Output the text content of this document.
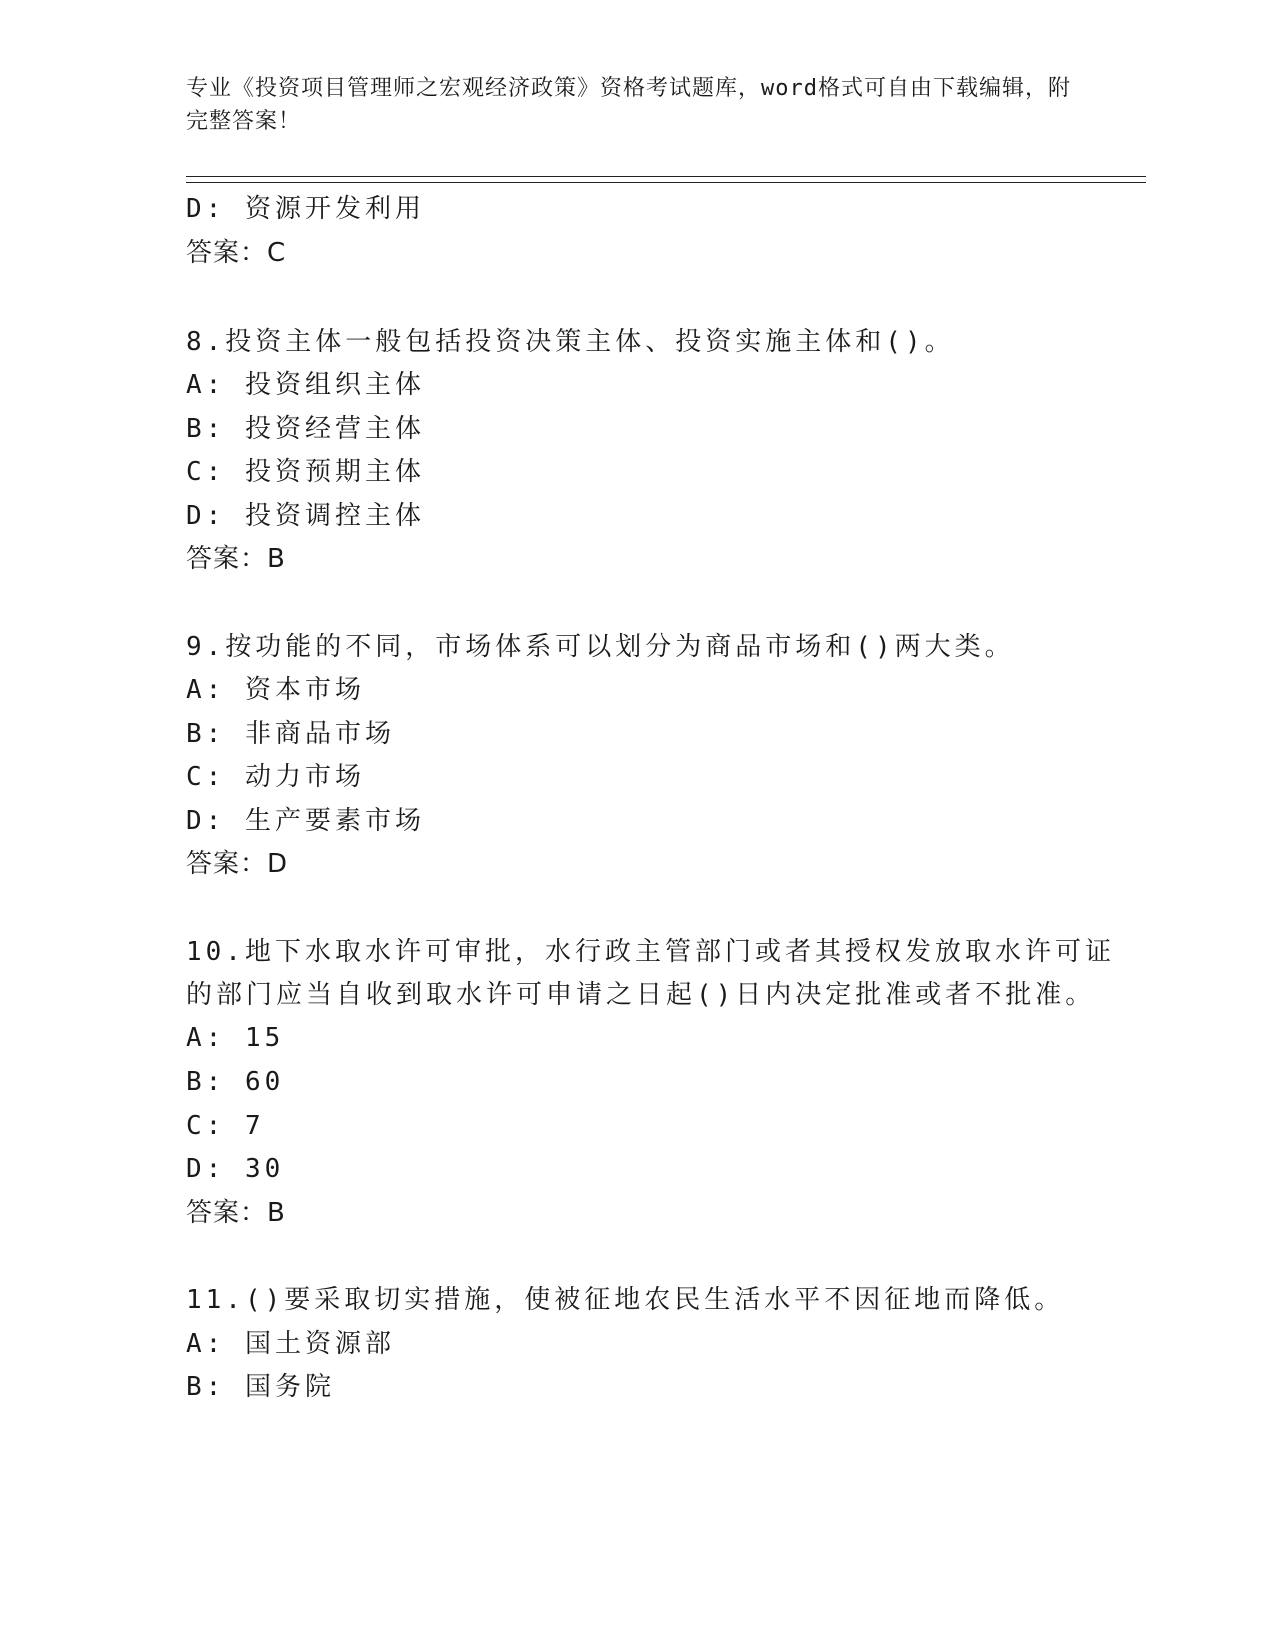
专业《投资项目管理师之宏观经济政策》资格考试题库，word格式可自由下载编辑，附完整答案！

D: 资源开发利用
答案：C
8.投资主体一般包括投资决策主体、投资实施主体和()。
A: 投资组织主体
B: 投资经营主体
C: 投资预期主体
D: 投资调控主体
答案：B
9.按功能的不同，市场体系可以划分为商品市场和()两大类。
A: 资本市场
B: 非商品市场
C: 动力市场
D: 生产要素市场
答案：D
10.地下水取水许可审批，水行政主管部门或者其授权发放取水许可证
的部门应当自收到取水许可申请之日起()日内决定批准或者不批准。
A: 15
B: 60
C: 7
D: 30
答案：B
11.()要采取切实措施，使被征地农民生活水平不因征地而降低。
A: 国土资源部
B: 国务院
